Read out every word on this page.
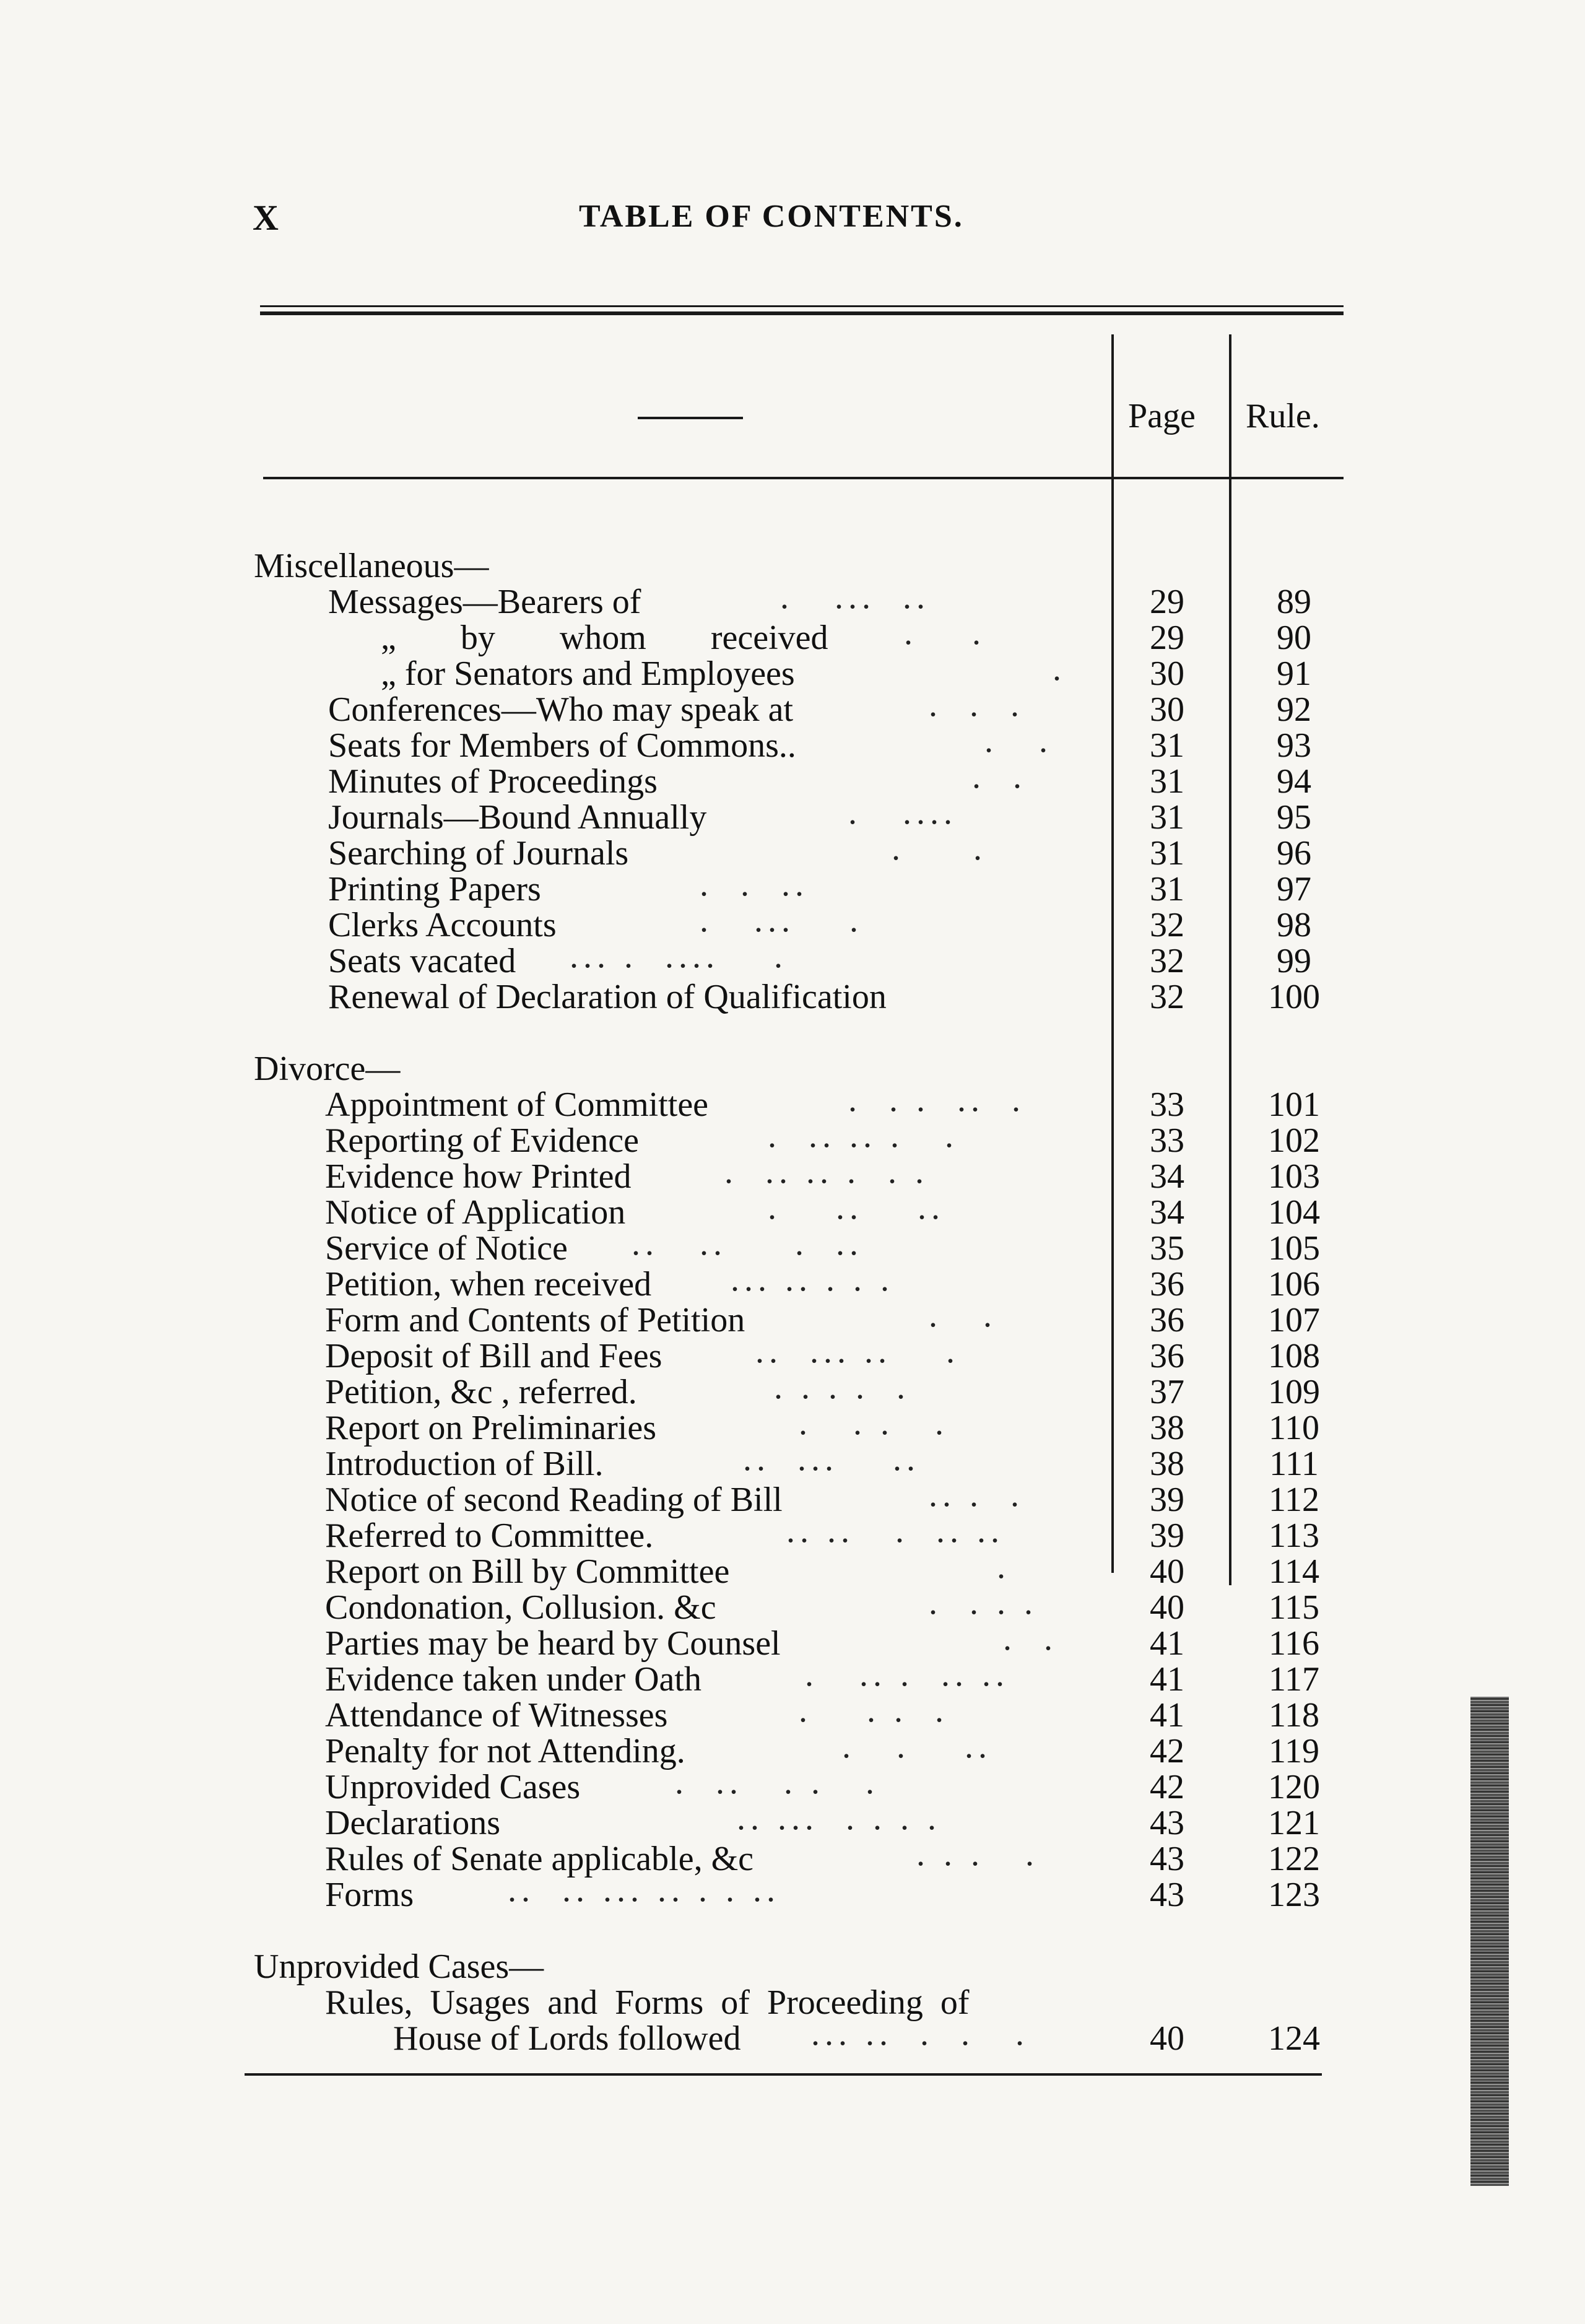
X	TABLE OF CONTENTS.
Page Rule.
Miscellaneous—
Messages—Bearers of	.   ...  ..	29	89
„ by whom received .    .	29	90
„ for Senators and Employees	.	30	91
Conferences—Who may speak at	.  .  .	30	92
Seats for Members of Commons..	.   .	31	93
Minutes of Proceedings	.  .	31	94
Journals—Bound Annually	.   ....	31	95
Searching of Journals	.     .	31	96
Printing Papers	.  .  ..	31	97
Clerks Accounts	.   ...    .	32	98
Seats vacated ... .  ....    .	32	99
Renewal of Declaration of Qualification	32	100
Divorce—
Appointment of Committee	.  . .  ..  .	33	101
Reporting of Evidence	.  .. .. .   .	33	102
Evidence how Printed	.  .. .. .  . .	34	103
Notice of Application	.    ..    ..	34	104
Service of Notice ..   ..     .  ..	35	105
Petition, when received ... .. . . .	36	106
Form and Contents of Petition	.   .	36	107
Deposit of Bill and Fees	..  ... ..    .	36	108
Petition, &c , referred.	. . . .  .	37	109
Report on Preliminaries	.   . .   .	38	110
Introduction of Bill.	..  ...    ..	38	111
Notice of second Reading of Bill	.. .  .	39	112
Referred to Committee.	.. ..   .  .. ..	39	113
Report on Bill by Committee	.	40	114
Condonation, Collusion. &c	.  . . .	40	115
Parties may be heard by Counsel	.  .	41	116
Evidence taken under Oath	.   .. .  .. ..	41	117
Attendance of Witnesses	.    . .  .	41	118
Penalty for not Attending.	.   .    ..	42	119
Unprovided Cases	.  ..   . .   .	42	120
Declarations	.. ...  . . . .	43	121
Rules of Senate applicable, &c	. . .   .	43	122
Forms	..  .. ... .. . . ..	43	123
Unprovided Cases—
Rules, Usages and Forms of Proceeding of
House of Lords followed ... ..  .  .   .	40	124
